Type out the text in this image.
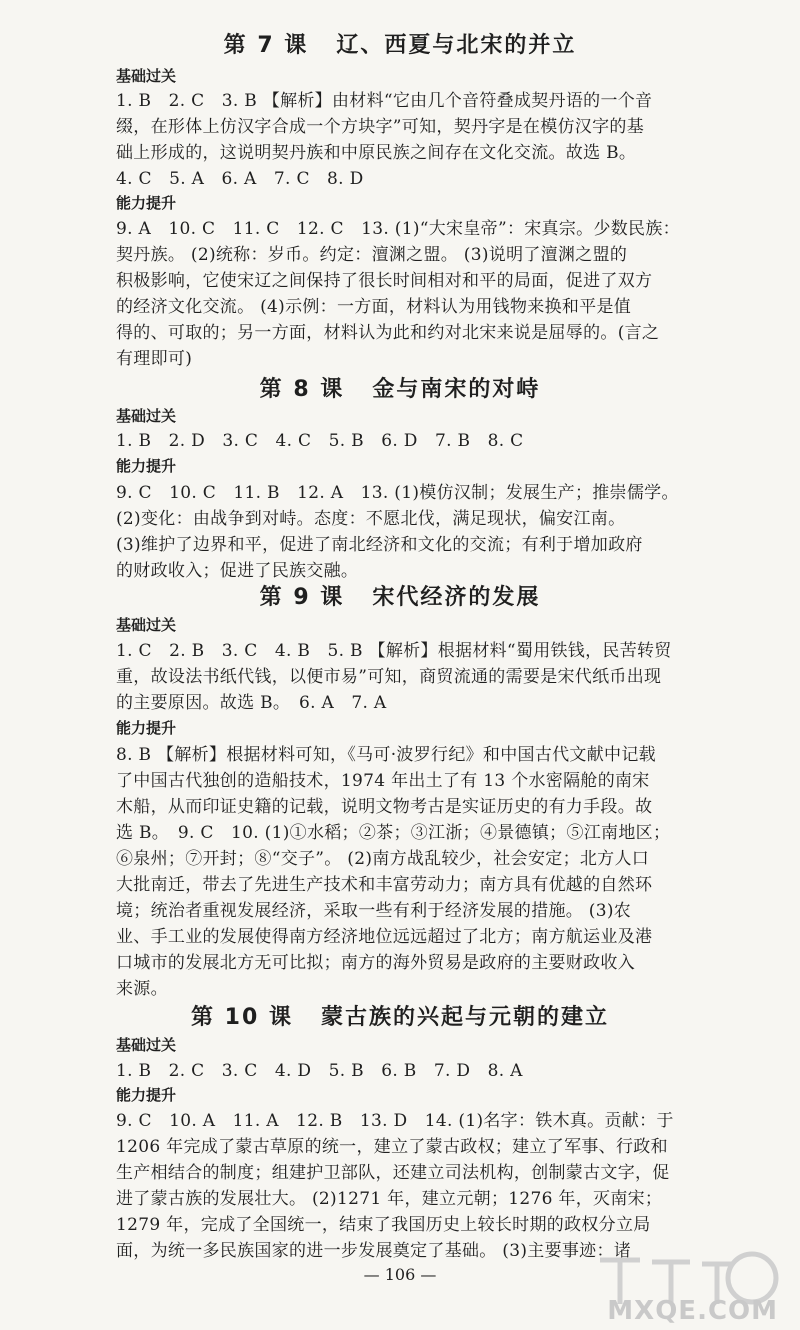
第 7 课 辽、西夏与北宋的并立
基础过关
1. B　2. C　3. B 【解析】由材料“它由几个音符叠成契丹语的一个音
缀，在形体上仿汉字合成一个方块字”可知，契丹字是在模仿汉字的基
础上形成的，这说明契丹族和中原民族之间存在文化交流。故选 B。
4. C　5. A　6. A　7. C　8. D
能力提升
9. A　10. C　11. C　12. C　13. (1)“大宋皇帝”：宋真宗。少数民族：
契丹族。 (2)统称：岁币。约定：澶渊之盟。 (3)说明了澶渊之盟的
积极影响，它使宋辽之间保持了很长时间相对和平的局面，促进了双方
的经济文化交流。 (4)示例：一方面，材料认为用钱物来换和平是值
得的、可取的；另一方面，材料认为此和约对北宋来说是屈辱的。(言之
有理即可)
第 8 课 金与南宋的对峙
基础过关
1. B　2. D　3. C　4. C　5. B　6. D　7. B　8. C
能力提升
9. C　10. C　11. B　12. A　13. (1)模仿汉制；发展生产；推崇儒学。
(2)变化：由战争到对峙。态度：不愿北伐，满足现状，偏安江南。
(3)维护了边界和平，促进了南北经济和文化的交流；有利于增加政府
的财政收入；促进了民族交融。
第 9 课 宋代经济的发展
基础过关
1. C　2. B　3. C　4. B　5. B 【解析】根据材料“蜀用铁钱，民苦转贸
重，故设法书纸代钱，以便市易”可知，商贸流通的需要是宋代纸币出现
的主要原因。故选 B。　6. A　7. A
能力提升
8. B 【解析】根据材料可知，《马可·波罗行纪》和中国古代文献中记载
了中国古代独创的造船技术，1974 年出土了有 13 个水密隔舱的南宋
木船，从而印证史籍的记载，说明文物考古是实证历史的有力手段。故
选 B。　9. C　10. (1)①水稻；②茶；③江浙；④景德镇；⑤江南地区；
⑥泉州；⑦开封；⑧“交子”。 (2)南方战乱较少，社会安定；北方人口
大批南迁，带去了先进生产技术和丰富劳动力；南方具有优越的自然环
境；统治者重视发展经济，采取一些有利于经济发展的措施。 (3)农
业、手工业的发展使得南方经济地位远远超过了北方；南方航运业及港
口城市的发展北方无可比拟；南方的海外贸易是政府的主要财政收入
来源。
第 10 课 蒙古族的兴起与元朝的建立
基础过关
1. B　2. C　3. C　4. D　5. B　6. B　7. D　8. A
能力提升
9. C　10. A　11. A　12. B　13. D　14. (1)名字：铁木真。贡献：于
1206 年完成了蒙古草原的统一，建立了蒙古政权；建立了军事、行政和
生产相结合的制度；组建护卫部队，还建立司法机构，创制蒙古文字，促
进了蒙古族的发展壮大。 (2)1271 年，建立元朝；1276 年，灭南宋；
1279 年，完成了全国统一，结束了我国历史上较长时期的政权分立局
面，为统一多民族国家的进一步发展奠定了基础。 (3)主要事迹：诸
— 106 —
MXQE.COM
